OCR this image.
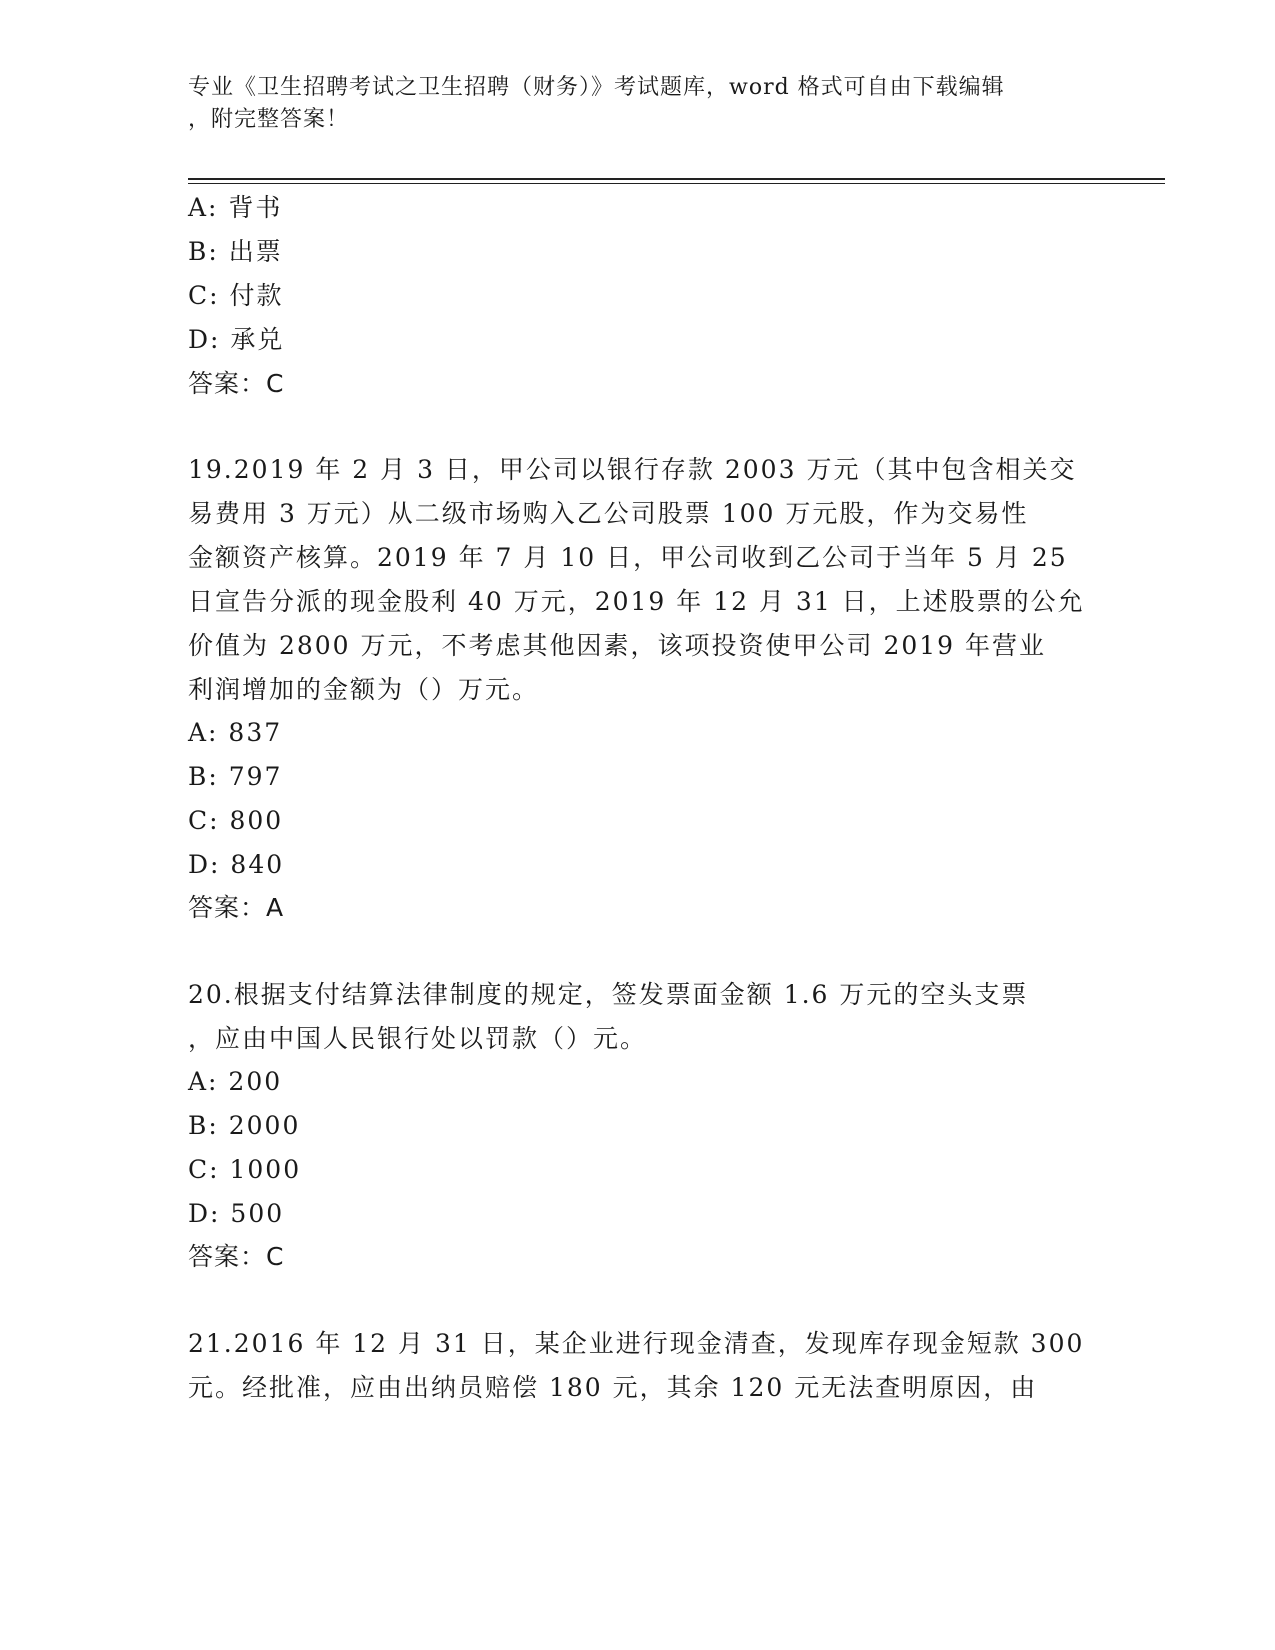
专业《卫生招聘考试之卫生招聘（财务）》考试题库，word 格式可自由下载编辑
，附完整答案！
A: 背书
B: 出票
C: 付款
D: 承兑
答案：C
19.2019 年 2 月 3 日，甲公司以银行存款 2003 万元（其中包含相关交
易费用 3 万元）从二级市场购入乙公司股票 100 万元股，作为交易性
金额资产核算。2019 年 7 月 10 日，甲公司收到乙公司于当年 5 月 25
日宣告分派的现金股利 40 万元，2019 年 12 月 31 日，上述股票的公允
价值为 2800 万元，不考虑其他因素，该项投资使甲公司 2019 年营业
利润增加的金额为（）万元。
A: 837
B: 797
C: 800
D: 840
答案：A
20.根据支付结算法律制度的规定，签发票面金额 1.6 万元的空头支票
，应由中国人民银行处以罚款（）元。
A: 200
B: 2000
C: 1000
D: 500
答案：C
21.2016 年 12 月 31 日，某企业进行现金清查，发现库存现金短款 300
元。经批准，应由出纳员赔偿 180 元，其余 120 元无法查明原因，由
